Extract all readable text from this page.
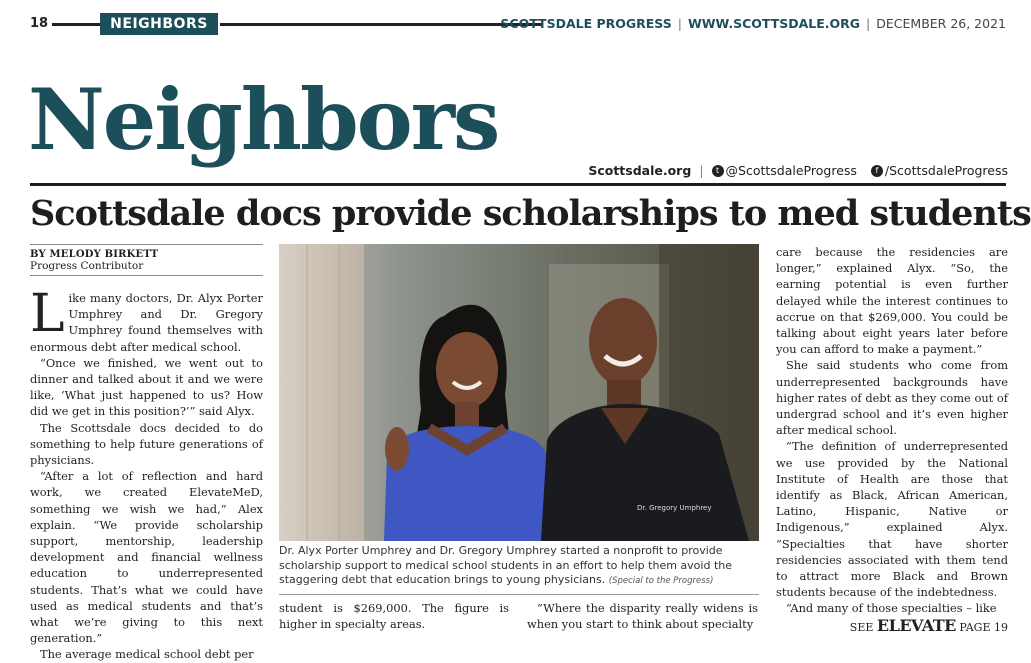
18	NEIGHBORS	SCOTTSDALE PROGRESS | WWW.SCOTTSDALE.ORG | DECEMBER 26, 2021
Neighbors
Scottsdale.org |	t @ScottsdaleProgress	f /ScottsdaleProgress
Scottsdale docs provide scholarships to med students
BY MELODY BIRKETT
Progress Contributor

Like many doctors, Dr. Alyx Porter Umphrey and Dr. Gregory Umphrey found themselves with enormous debt after medical school.

“Once we finished, we went out to dinner and talked about it and we were like, ‘What just happened to us? How did we get in this position?’” said Alyx.

The Scottsdale docs decided to do something to help future generations of physicians.

“After a lot of reflection and hard work, we created ElevateMeD, something we wish we had,” Alex explain. “We provide scholarship support, mentorship, leadership development and financial wellness education to underrepresented students. That’s what we could have used as medical students and that’s what we’re giving to this next generation.”

The average medical school debt per

Dr. Gregory Umphrey
Dr. Alyx Porter Umphrey and Dr. Gregory Umphrey started a nonprofit to provide scholarship support to medical school students in an effort to help them avoid the staggering debt that education brings to young physicians. (Special to the Progress)

student is $269,000. The figure is higher in specialty areas.

“Where the disparity really widens is when you start to think about specialty

care because the residencies are longer,” explained Alyx. “So, the earning potential is even further delayed while the interest continues to accrue on that $269,000. You could be talking about eight years later before you can afford to make a payment.”

She said students who come from underrepresented backgrounds have higher rates of debt as they come out of undergrad school and it’s even higher after medical school.

“The definition of underrepresented we use provided by the National Institute of Health are those that identify as Black, African American, Latino, Hispanic, Native or Indigenous,” explained Alyx. “Specialties that have shorter residencies associated with them tend to attract more Black and Brown students because of the indebtedness.

“And many of those specialties – like

SEE ELEVATE PAGE 19
